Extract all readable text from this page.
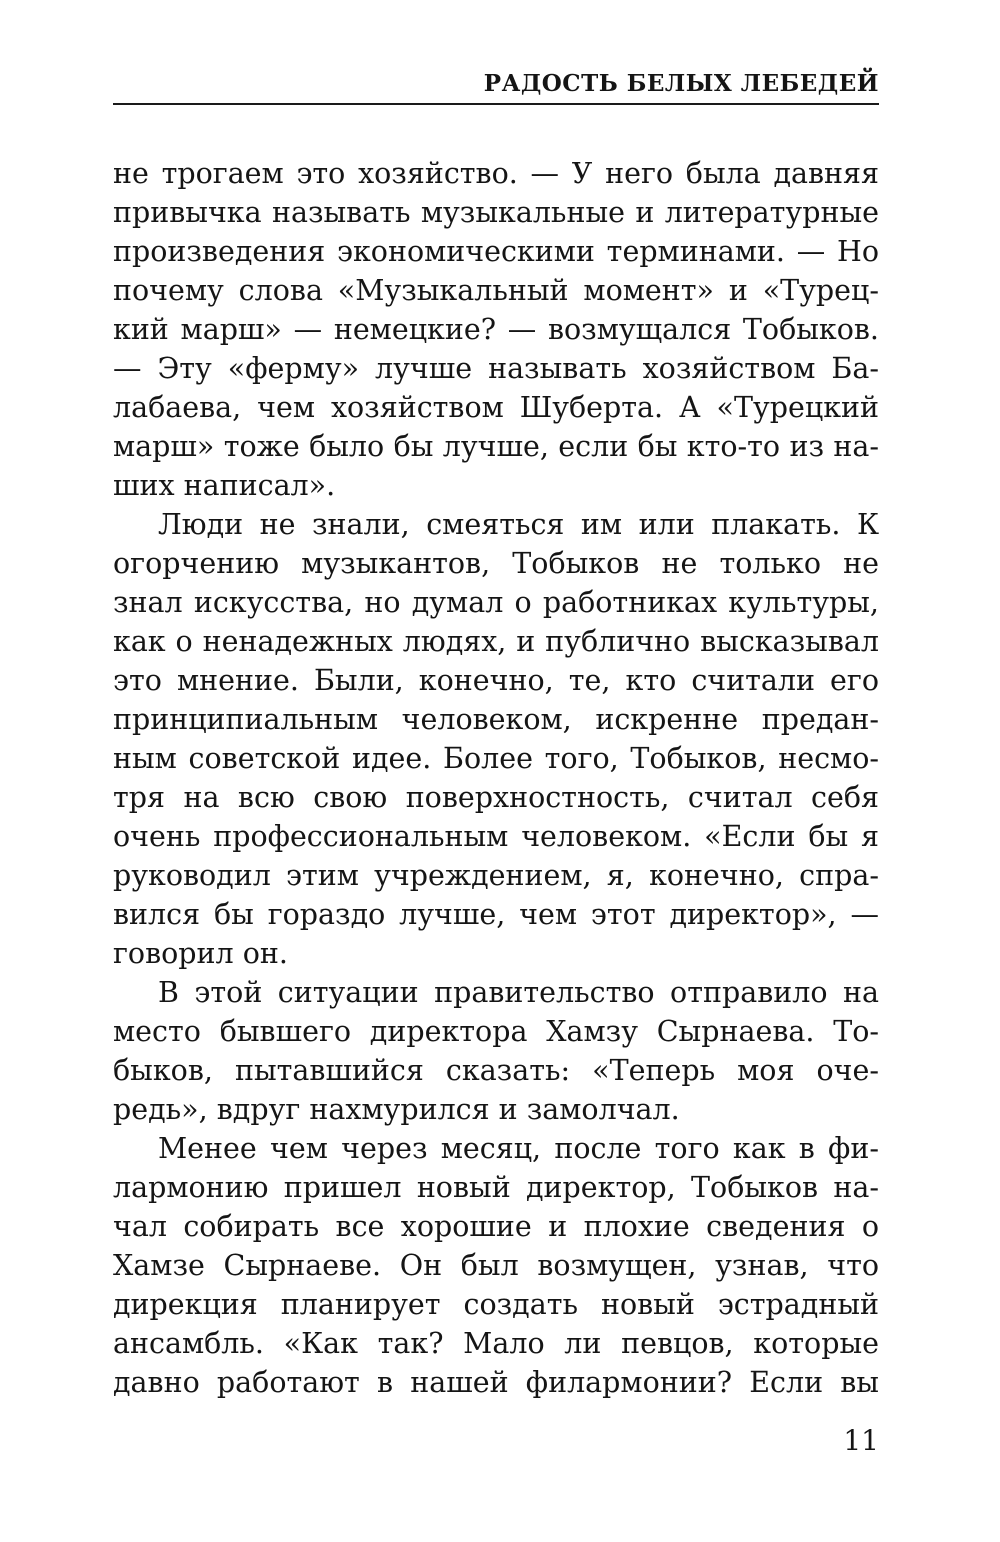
РАДОСТЬ БЕЛЫХ ЛЕБЕДЕЙ
не трогаем это хозяйство. — У него была давняя
привычка называть музыкальные и литературные
произведения экономическими терминами. — Но
почему слова «Музыкальный момент» и «Турец-
кий марш» — немецкие? — возмущался Тобыков.
— Эту «ферму» лучше называть хозяйством Ба-
лабаева, чем хозяйством Шуберта. А «Турецкий
марш» тоже было бы лучше, если бы кто-то из на-
ших написал».
Люди не знали, смеяться им или плакать. К
огорчению музыкантов, Тобыков не только не
знал искусства, но думал о работниках культуры,
как о ненадежных людях, и публично высказывал
это мнение. Были, конечно, те, кто считали его
принципиальным человеком, искренне предан-
ным советской идее. Более того, Тобыков, несмо-
тря на всю свою поверхностность, считал себя
очень профессиональным человеком. «Если бы я
руководил этим учреждением, я, конечно, спра-
вился бы гораздо лучше, чем этот директор», —
говорил он.
В этой ситуации правительство отправило на
место бывшего директора Хамзу Сырнаева. То-
быков, пытавшийся сказать: «Теперь моя оче-
редь», вдруг нахмурился и замолчал.
Менее чем через месяц, после того как в фи-
лармонию пришел новый директор, Тобыков на-
чал собирать все хорошие и плохие сведения о
Хамзе Сырнаеве. Он был возмущен, узнав, что
дирекция планирует создать новый эстрадный
ансамбль. «Как так? Мало ли певцов, которые
давно работают в нашей филармонии? Если вы
11
